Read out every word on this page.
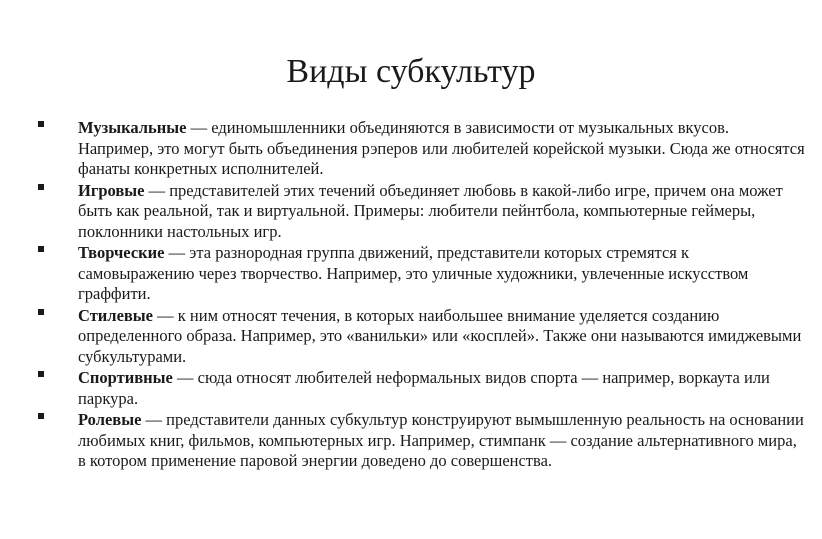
Виды субкультур
Музыкальные — единомышленники объединяются в зависимости от музыкальных вкусов. Например, это могут быть объединения рэперов или любителей корейской музыки. Сюда же относятся фанаты конкретных исполнителей.
Игровые — представителей этих течений объединяет любовь в какой-либо игре, причем она может быть как реальной, так и виртуальной. Примеры: любители пейнтбола, компьютерные геймеры, поклонники настольных игр.
Творческие — эта разнородная группа движений, представители которых стремятся к самовыражению через творчество. Например, это уличные художники, увлеченные искусством граффити.
Стилевые — к ним относят течения, в которых наибольшее внимание уделяется созданию определенного образа. Например, это «ванильки» или «косплей». Также они называются имиджевыми субкультурами.
Спортивные — сюда относят любителей неформальных видов спорта — например, воркаута или паркура.
Ролевые — представители данных субкультур конструируют вымышленную реальность на основании любимых книг, фильмов, компьютерных игр. Например, стимпанк — создание альтернативного мира, в котором применение паровой энергии доведено до совершенства.
